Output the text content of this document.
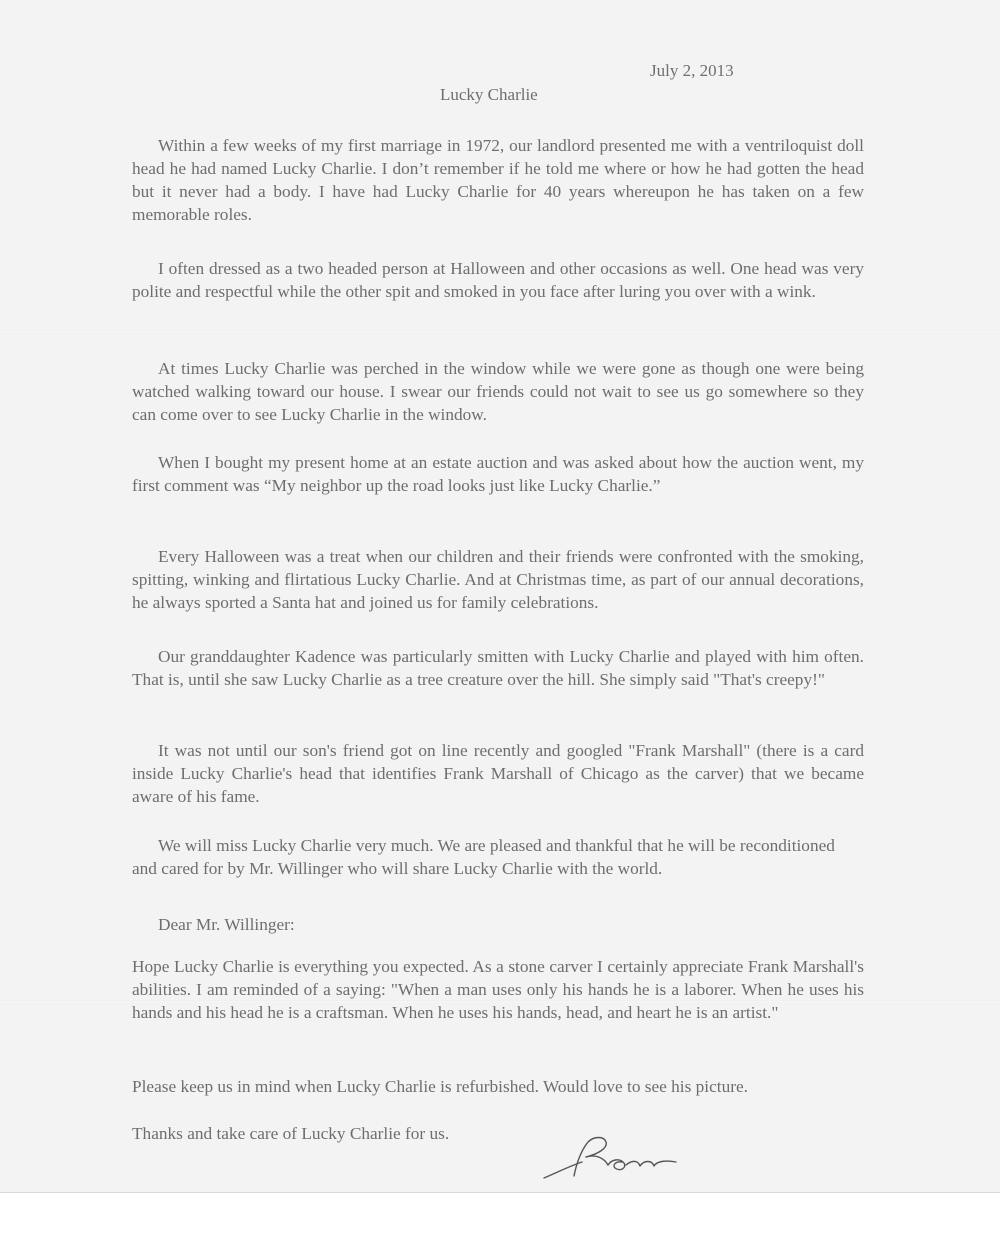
July 2, 2013
Lucky Charlie

Within a few weeks of my first marriage in 1972, our landlord presented me with a ventriloquist doll head he had named Lucky Charlie. I don’t remember if he told me where or how he had gotten the head but it never had a body. I have had Lucky Charlie for 40 years whereupon he has taken on a few memorable roles.

I often dressed as a two headed person at Halloween and other occasions as well. One head was very polite and respectful while the other spit and smoked in you face after luring you over with a wink.

At times Lucky Charlie was perched in the window while we were gone as though one were being watched walking toward our house. I swear our friends could not wait to see us go somewhere so they can come over to see Lucky Charlie in the window.

When I bought my present home at an estate auction and was asked about how the auction went, my first comment was “My neighbor up the road looks just like Lucky Charlie.”

Every Halloween was a treat when our children and their friends were confronted with the smoking, spitting, winking and flirtatious Lucky Charlie. And at Christmas time, as part of our annual decorations, he always sported a Santa hat and joined us for family celebrations.

Our granddaughter Kadence was particularly smitten with Lucky Charlie and played with him often. That is, until she saw Lucky Charlie as a tree creature over the hill. She simply said "That's creepy!"

It was not until our son's friend got on line recently and googled "Frank Marshall" (there is a card inside Lucky Charlie's head that identifies Frank Marshall of Chicago as the carver) that we became aware of his fame.

We will miss Lucky Charlie very much. We are pleased and thankful that he will be reconditioned and cared for by Mr. Willinger who will share Lucky Charlie with the world.

Dear Mr. Willinger:

Hope Lucky Charlie is everything you expected. As a stone carver I certainly appreciate Frank Marshall's abilities. I am reminded of a saying: "When a man uses only his hands he is a laborer. When he uses his hands and his head he is a craftsman. When he uses his hands, head, and heart he is an artist."

Please keep us in mind when Lucky Charlie is refurbished. Would love to see his picture.

Thanks and take care of Lucky Charlie for us.
